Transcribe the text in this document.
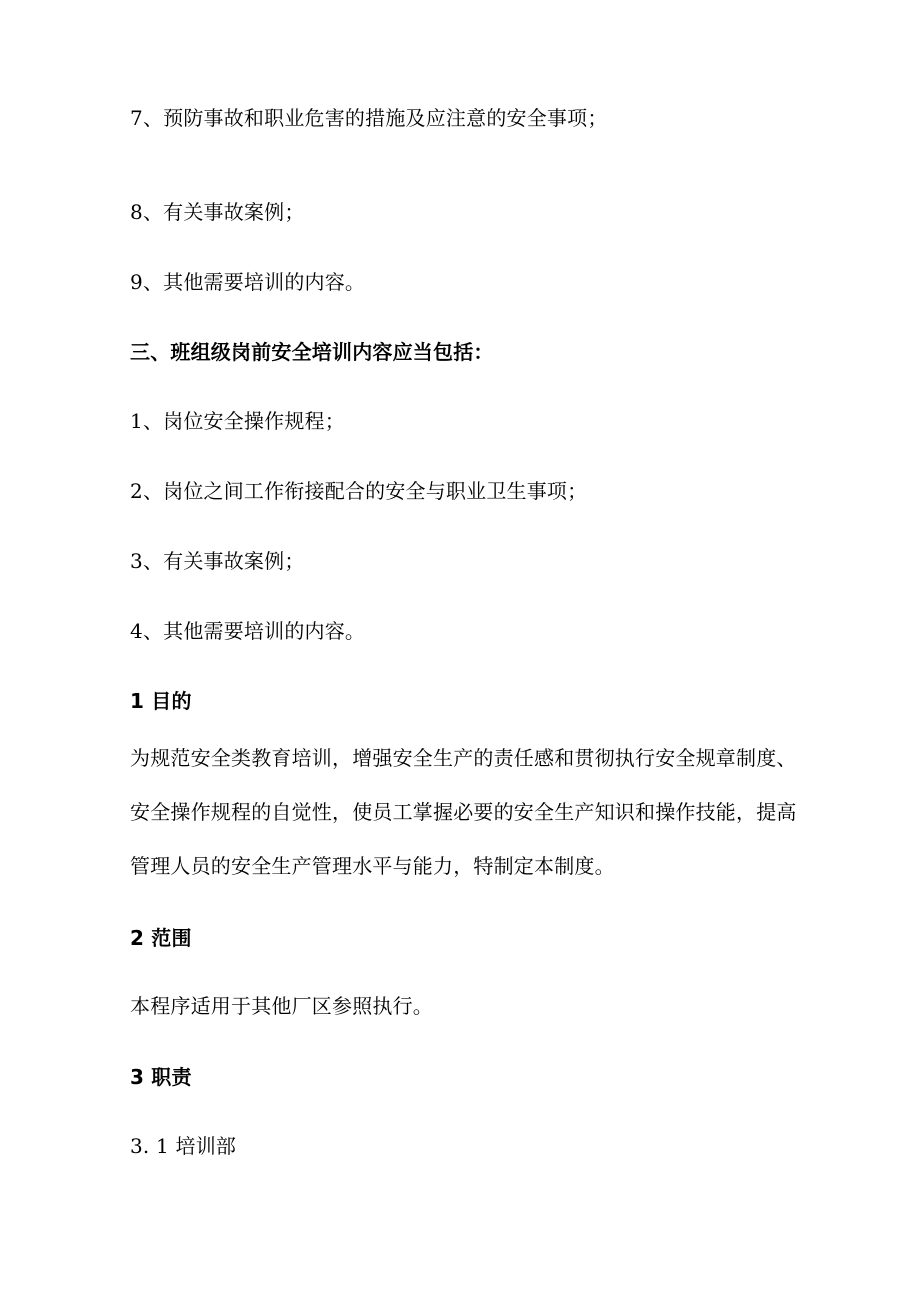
7、预防事故和职业危害的措施及应注意的安全事项；
8、有关事故案例；
9、其他需要培训的内容。
三、班组级岗前安全培训内容应当包括：
1、岗位安全操作规程；
2、岗位之间工作衔接配合的安全与职业卫生事项；
3、有关事故案例；
4、其他需要培训的内容。
1 目的
为规范安全类教育培训，增强安全生产的责任感和贯彻执行安全规章制度、
安全操作规程的自觉性，使员工掌握必要的安全生产知识和操作技能，提高
管理人员的安全生产管理水平与能力，特制定本制度。
2 范围
本程序适用于其他厂区参照执行。
3 职责
3. 1 培训部
